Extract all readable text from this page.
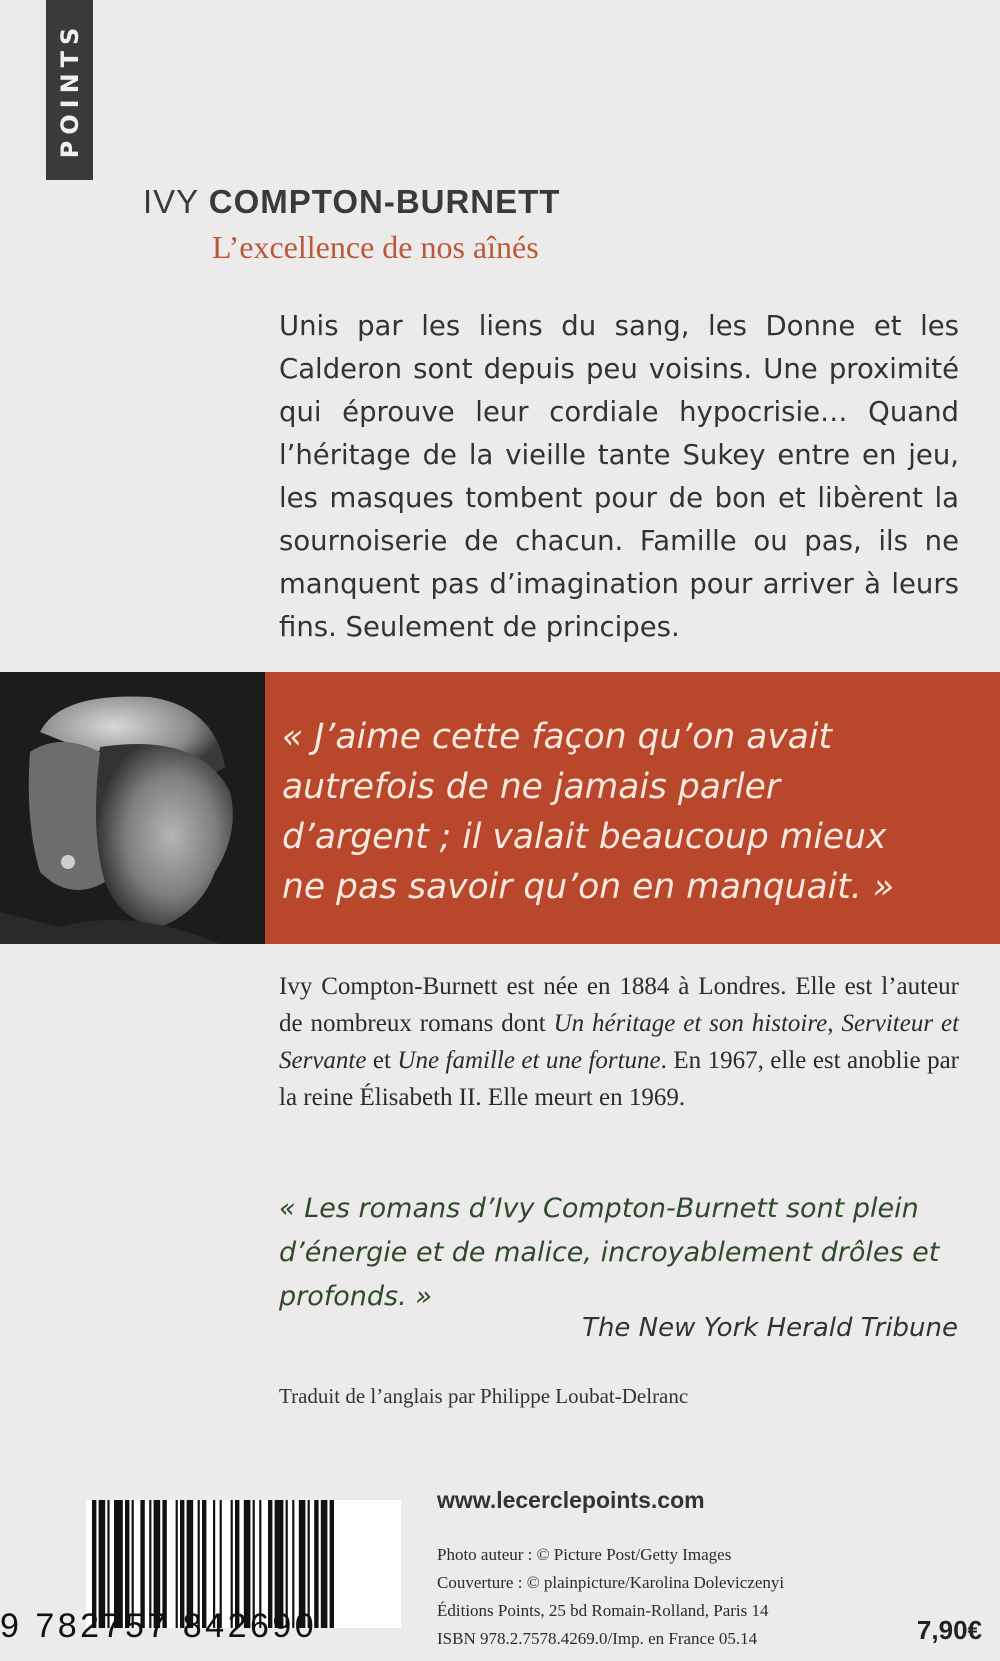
POINTS
IVY COMPTON-BURNETT
L’excellence de nos aînés
Unis par les liens du sang, les Donne et les Calderon sont depuis peu voisins. Une proximité qui éprouve leur cordiale hypocrisie… Quand l’héritage de la vieille tante Sukey entre en jeu, les masques tombent pour de bon et libèrent la sournoiserie de chacun. Famille ou pas, ils ne manquent pas d’imagination pour arriver à leurs fins. Seulement de principes.
« J’aime cette façon qu’on avait
autrefois de ne jamais parler
d’argent ; il valait beaucoup mieux
ne pas savoir qu’on en manquait. »
Ivy Compton-Burnett est née en 1884 à Londres. Elle est l’auteur de nombreux romans dont Un héritage et son histoire, Serviteur et Servante et Une famille et une fortune. En 1967, elle est anoblie par la reine Élisabeth II. Elle meurt en 1969.
« Les romans d’Ivy Compton-Burnett sont plein d’énergie et de malice, incroyablement drôles et profonds. »
The New York Herald Tribune
Traduit de l’anglais par Philippe Loubat-Delranc
9 782757 842690
www.lecerclepoints.com
Photo auteur : © Picture Post/Getty Images
Couverture : © plainpicture/Karolina Doleviczenyi
Éditions Points, 25 bd Romain-Rolland, Paris 14
ISBN 978.2.7578.4269.0/Imp. en France 05.14	7,90€
